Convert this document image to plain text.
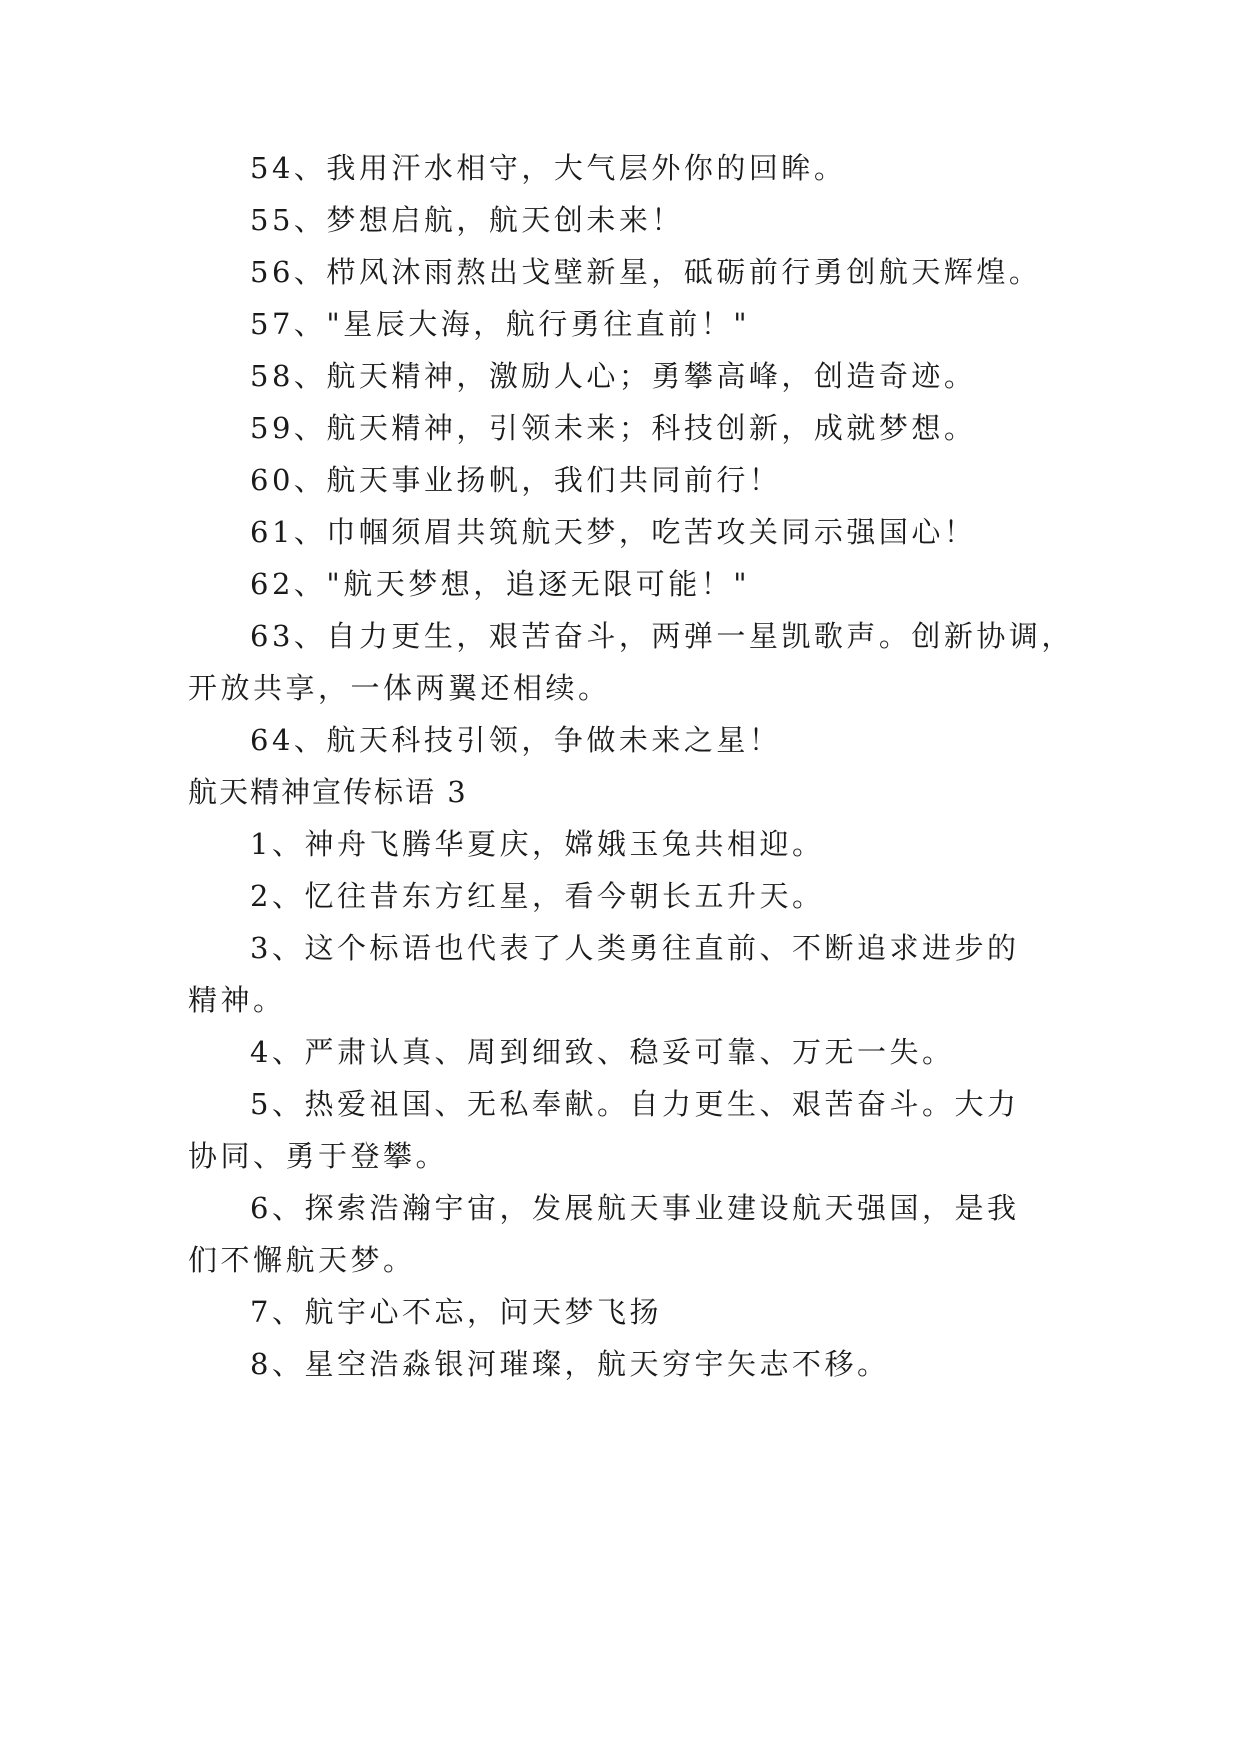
54、我用汗水相守，大气层外你的回眸。
55、梦想启航，航天创未来！
56、栉风沐雨熬出戈壁新星，砥砺前行勇创航天辉煌。
57、"星辰大海，航行勇往直前！"
58、航天精神，激励人心；勇攀高峰，创造奇迹。
59、航天精神，引领未来；科技创新，成就梦想。
60、航天事业扬帆，我们共同前行！
61、巾帼须眉共筑航天梦，吃苦攻关同示强国心！
62、"航天梦想，追逐无限可能！"
63、自力更生，艰苦奋斗，两弹一星凯歌声。创新协调，
开放共享，一体两翼还相续。
64、航天科技引领，争做未来之星！
航天精神宣传标语 3
1、神舟飞腾华夏庆，嫦娥玉兔共相迎。
2、忆往昔东方红星，看今朝长五升天。
3、这个标语也代表了人类勇往直前、不断追求进步的
精神。
4、严肃认真、周到细致、稳妥可靠、万无一失。
5、热爱祖国、无私奉献。自力更生、艰苦奋斗。大力
协同、勇于登攀。
6、探索浩瀚宇宙，发展航天事业建设航天强国，是我
们不懈航天梦。
7、航宇心不忘，问天梦飞扬
8、星空浩淼银河璀璨，航天穷宇矢志不移。
